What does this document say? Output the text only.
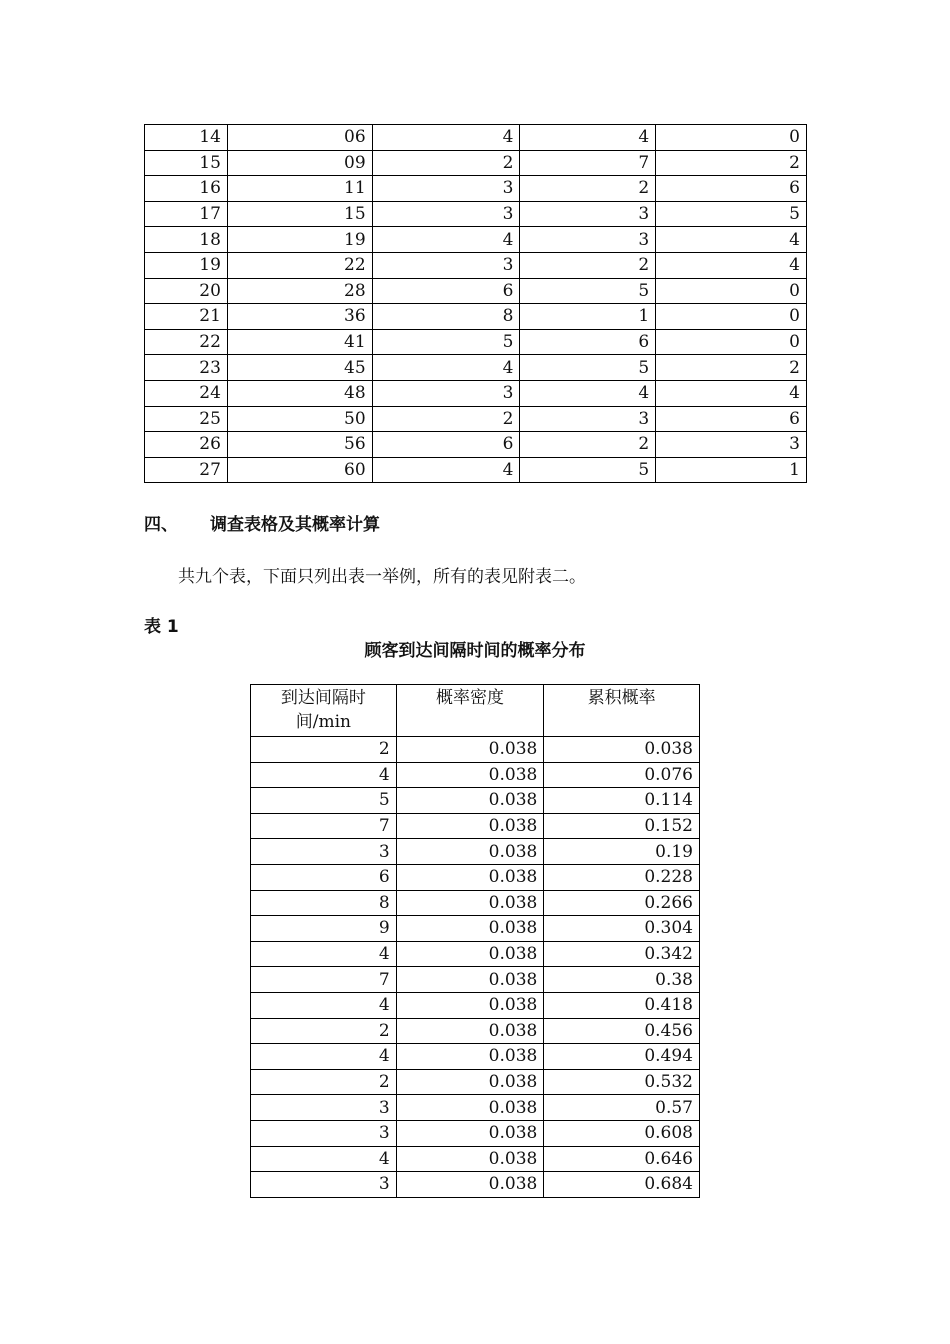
14	06	4	4	0
15	09	2	7	2
16	11	3	2	6
17	15	3	3	5
18	19	4	3	4
19	22	3	2	4
20	28	6	5	0
21	36	8	1	0
22	41	5	6	0
23	45	4	5	2
24	48	3	4	4
25	50	2	3	6
26	56	6	2	3
27	60	4	5	1
四、 调查表格及其概率计算
共九个表，下面只列出表一举例，所有的表见附表二。
表 1
顾客到达间隔时间的概率分布
到达间隔时间/min	概率密度	累积概率
2	0.038	0.038
4	0.038	0.076
5	0.038	0.114
7	0.038	0.152
3	0.038	0.19
6	0.038	0.228
8	0.038	0.266
9	0.038	0.304
4	0.038	0.342
7	0.038	0.38
4	0.038	0.418
2	0.038	0.456
4	0.038	0.494
2	0.038	0.532
3	0.038	0.57
3	0.038	0.608
4	0.038	0.646
3	0.038	0.684
